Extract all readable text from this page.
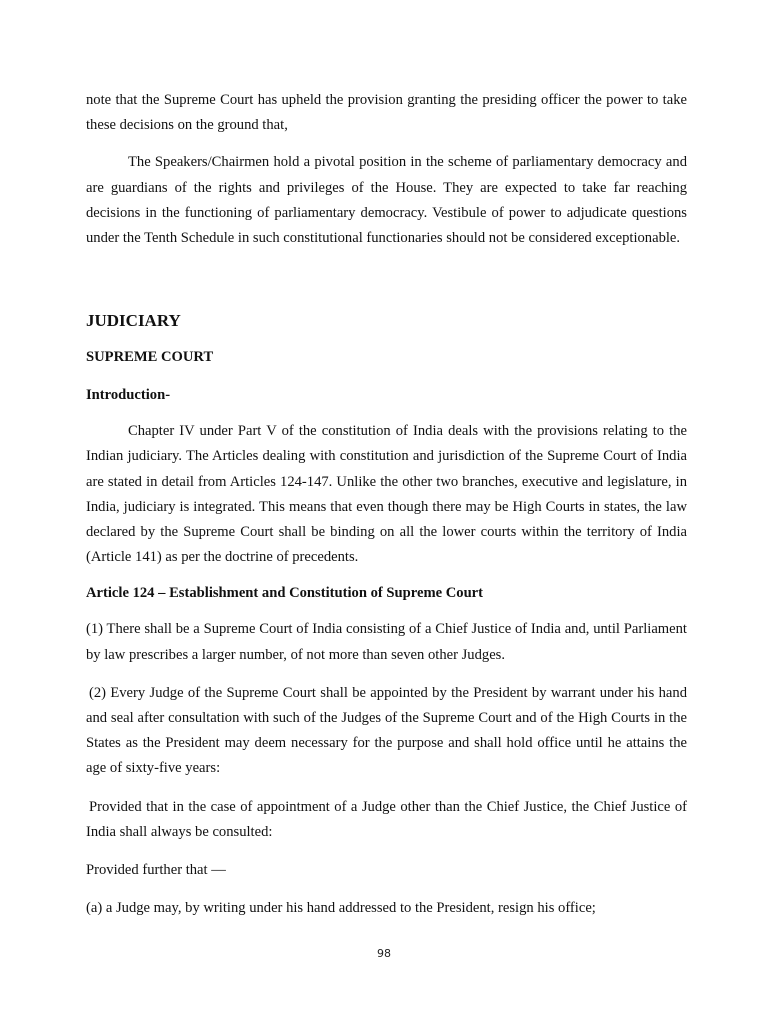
note that the Supreme Court has upheld the provision granting the presiding officer the power to take these decisions on the ground that,

The Speakers/Chairmen hold a pivotal position in the scheme of parliamentary democracy and are guardians of the rights and privileges of the House. They are expected to take far reaching decisions in the functioning of parliamentary democracy. Vestibule of power to adjudicate questions under the Tenth Schedule in such constitutional functionaries should not be considered exceptionable.

JUDICIARY
SUPREME COURT
Introduction-

Chapter IV under Part V of the constitution of India deals with the provisions relating to the Indian judiciary. The Articles dealing with constitution and jurisdiction of the Supreme Court of India are stated in detail from Articles 124-147. Unlike the other two branches, executive and legislature, in India, judiciary is integrated. This means that even though there may be High Courts in states, the law declared by the Supreme Court shall be binding on all the lower courts within the territory of India (Article 141) as per the doctrine of precedents.

Article 124 – Establishment and Constitution of Supreme Court

(1) There shall be a Supreme Court of India consisting of a Chief Justice of India and, until Parliament by law prescribes a larger number, of not more than seven other Judges.

(2) Every Judge of the Supreme Court shall be appointed by the President by warrant under his hand and seal after consultation with such of the Judges of the Supreme Court and of the High Courts in the States as the President may deem necessary for the purpose and shall hold office until he attains the age of sixty-five years:

Provided that in the case of appointment of a Judge other than the Chief Justice, the Chief Justice of India shall always be consulted:

Provided further that —

(a) a Judge may, by writing under his hand addressed to the President, resign his office;

98
